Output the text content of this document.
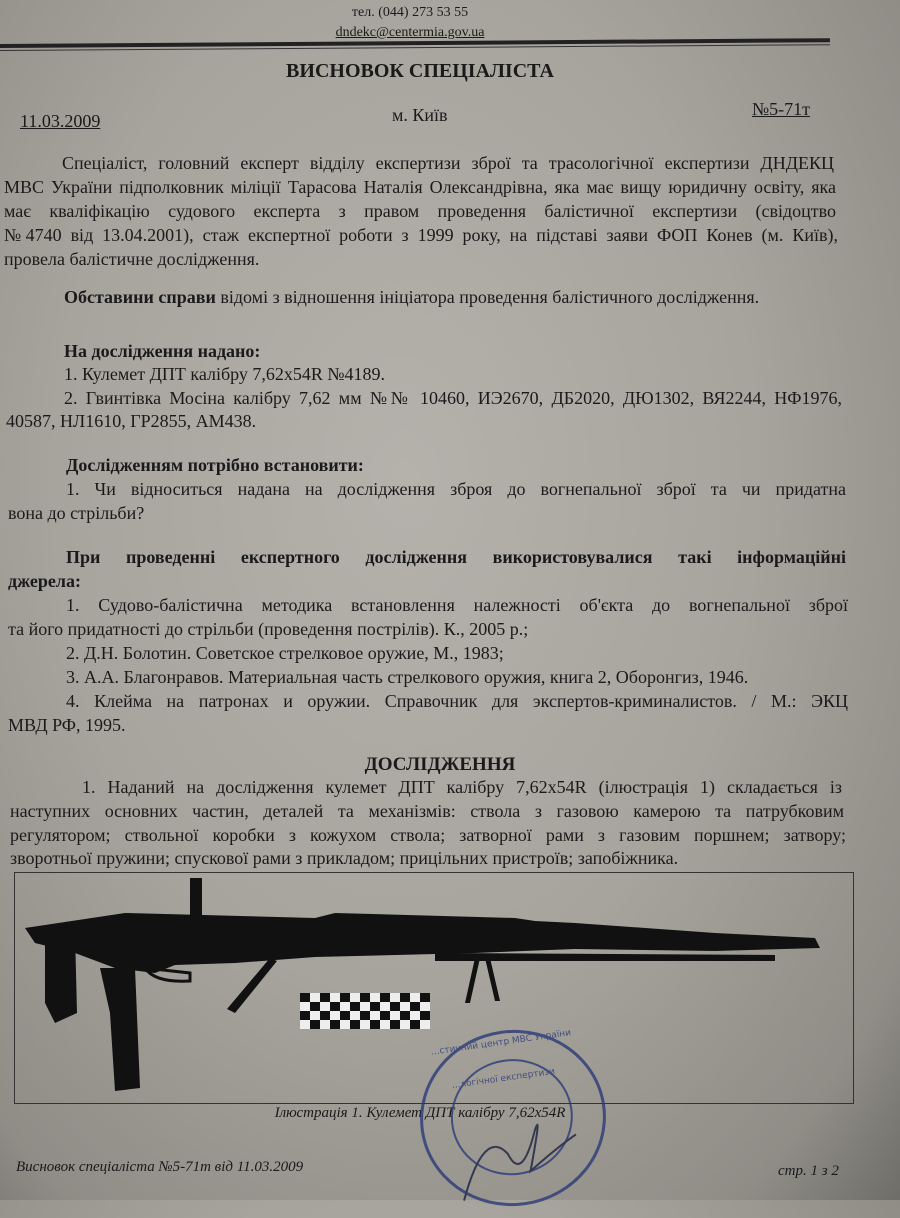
тел. (044) 273 53 55
dndekc@centermia.gov.ua
ВИСНОВОК СПЕЦІАЛІСТА
11.03.2009	м. Київ	№5-71т
Спеціаліст, головний експерт відділу експертизи зброї та трасологічної експертизи ДНДЕКЦ
МВС України підполковник міліції Тарасова Наталія Олександрівна, яка має вищу юридичну освіту, яка
має кваліфікацію судового експерта з правом проведення балістичної експертизи (свідоцтво
№4740 від 13.04.2001), стаж експертної роботи з 1999 року, на підставі заяви ФОП Конев (м. Київ),
провела балістичне дослідження.
Обставини справи відомі з відношення ініціатора проведення балістичного дослідження.
На дослідження надано:
1. Кулемет ДПТ калібру 7,62х54R №4189.
2. Гвинтівка Мосіна калібру 7,62 мм №№ 10460, ИЭ2670, ДБ2020, ДЮ1302, ВЯ2244, НФ1976,
40587, НЛ1610, ГР2855, АМ438.
Дослідженням потрібно встановити:
1. Чи відноситься надана на дослідження зброя до вогнепальної зброї та чи придатна
вона до стрільби?
При проведенні експертного дослідження використовувалися такі інформаційні
джерела:
1. Судово-балістична методика встановлення належності об'єкта до вогнепальної зброї
та його придатності до стрільби (проведення пострілів). К., 2005 р.;
2. Д.Н. Болотин. Советское стрелковое оружие, М., 1983;
3. А.А. Благонравов. Материальная часть стрелкового оружия, книга 2, Оборонгиз, 1946.
4. Клейма на патронах и оружии. Справочник для экспертов-криминалистов. / М.: ЭКЦ
МВД РФ, 1995.
ДОСЛІДЖЕННЯ
1. Наданий на дослідження кулемет ДПТ калібру 7,62х54R (ілюстрація 1) складається із
наступних основних частин, деталей та механізмів: ствола з газовою камерою та патрубковим
регулятором; ствольної коробки з кожухом ствола; затворної рами з газовим поршнем; затвору;
зворотньої пружини; спускової рами з прикладом; прицільних пристроїв; запобіжника.
Ілюстрація 1. Кулемет ДПТ калібру 7,62х54R
...стичний центр МВС України
...логічної експертизи
Висновок спеціаліста №5-71т від 11.03.2009	стр. 1 з 2
